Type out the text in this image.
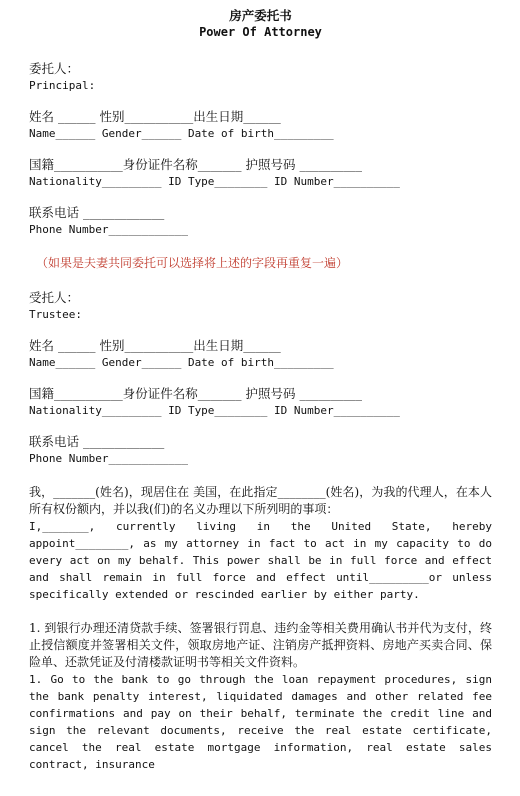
房产委托书
Power Of Attorney
委托人：
Principal:
姓名 ______ 性别___________出生日期______
Name______ Gender______ Date of birth_________
国籍___________身份证件名称_______ 护照号码 __________
Nationality_________ ID Type________ ID Number__________
联系电话 _____________
Phone Number____________
（如果是夫妻共同委托可以选择将上述的字段再重复一遍）
受托人：
Trustee:
姓名 ______ 性别___________出生日期______
Name______ Gender______ Date of birth_________
国籍___________身份证件名称_______ 护照号码 __________
Nationality_________ ID Type________ ID Number__________
联系电话 _____________
Phone Number____________
我，_______(姓名)，现居住在 美国，在此指定________(姓名)，为我的代理人，在本人所有权份额内，并以我(们)的名义办理以下所列明的事项：
I,_______, currently living in the United State, hereby appoint________, as my attorney in fact to act in my capacity to do every act on my behalf. This power shall be in full force and effect and shall remain in full force and effect until_________or unless specifically extended or rescinded earlier by either party.
1. 到银行办理还清贷款手续、签署银行罚息、违约金等相关费用确认书并代为支付，终止授信额度并签署相关文件，领取房地产证、注销房产抵押资料、房地产买卖合同、保险单、还款凭证及付清楼款证明书等相关文件资料。
1. Go to the bank to go through the loan repayment procedures, sign the bank penalty interest, liquidated damages and other related fee confirmations and pay on their behalf, terminate the credit line and sign the relevant documents, receive the real estate certificate, cancel the real estate mortgage information, real estate sales contract, insurance
